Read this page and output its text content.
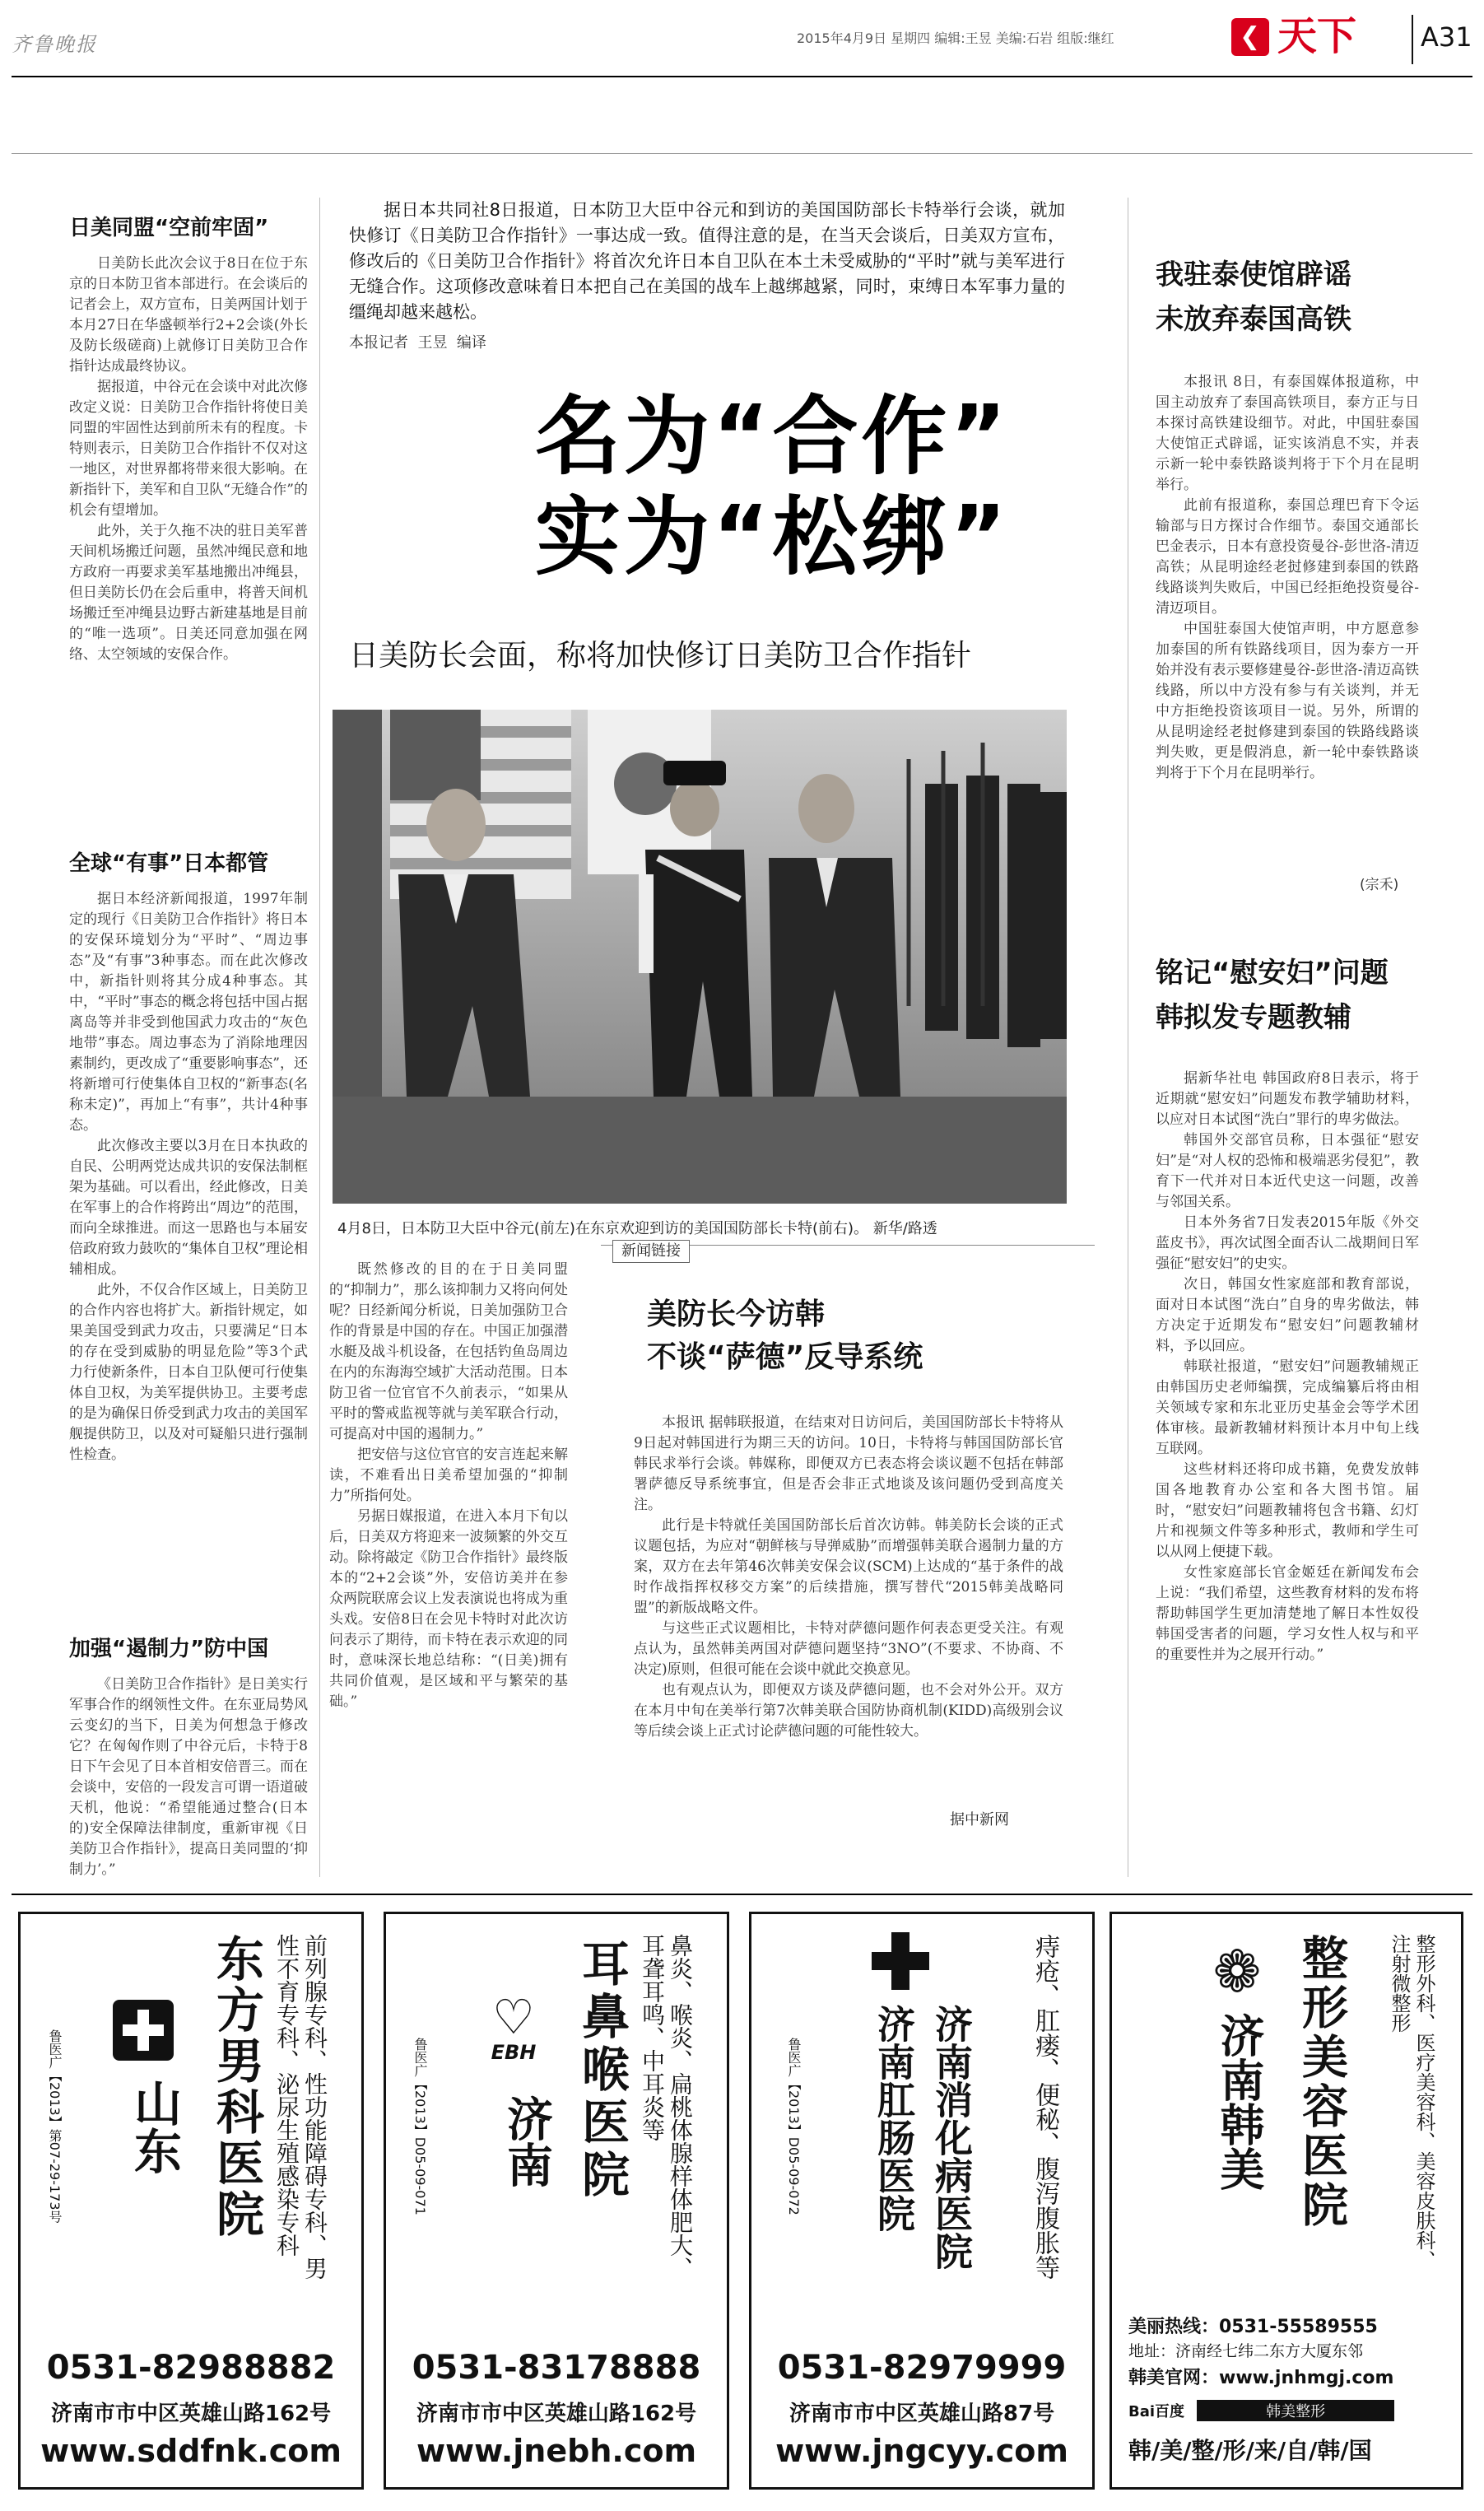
齐鲁晚报	2015年4月9日 星期四 编辑:王昱 美编:石岩 组版:继红	❮ 天下 A31
据日本共同社8日报道，日本防卫大臣中谷元和到访的美国国防部长卡特举行会谈，就加快修订《日美防卫合作指针》一事达成一致。值得注意的是，在当天会谈后，日美双方宣布，修改后的《日美防卫合作指针》将首次允许日本自卫队在本土未受威胁的“平时”就与美军进行无缝合作。这项修改意味着日本把自己在美国的战车上越绑越紧，同时，束缚日本军事力量的缰绳却越来越松。
本报记者  王昱  编译
名为“合作”
实为“松绑”
日美防长会面，称将加快修订日美防卫合作指针
4月8日，日本防卫大臣中谷元(前左)在东京欢迎到访的美国国防部长卡特(前右)。 新华/路透
日美同盟“空前牢固”

日美防长此次会议于8日在位于东京的日本防卫省本部进行。在会谈后的记者会上，双方宣布，日美两国计划于本月27日在华盛顿举行2+2会谈(外长及防长级磋商)上就修订日美防卫合作指针达成最终协议。

据报道，中谷元在会谈中对此次修改定义说：日美防卫合作指针将使日美同盟的牢固性达到前所未有的程度。卡特则表示，日美防卫合作指针不仅对这一地区，对世界都将带来很大影响。在新指针下，美军和自卫队“无缝合作”的机会有望增加。

此外，关于久拖不决的驻日美军普天间机场搬迁问题，虽然冲绳民意和地方政府一再要求美军基地搬出冲绳县，但日美防长仍在会后重申，将普天间机场搬迁至冲绳县边野古新建基地是目前的“唯一选项”。日美还同意加强在网络、太空领域的安保合作。

全球“有事”日本都管

据日本经济新闻报道，1997年制定的现行《日美防卫合作指针》将日本的安保环境划分为“平时”、“周边事态”及“有事”3种事态。而在此次修改中，新指针则将其分成4种事态。其中，“平时”事态的概念将包括中国占据离岛等并非受到他国武力攻击的“灰色地带”事态。周边事态为了消除地理因素制约，更改成了“重要影响事态”，还将新增可行使集体自卫权的“新事态(名称未定)”，再加上“有事”，共计4种事态。

此次修改主要以3月在日本执政的自民、公明两党达成共识的安保法制框架为基础。可以看出，经此修改，日美在军事上的合作将跨出“周边”的范围，而向全球推进。而这一思路也与本届安倍政府致力鼓吹的“集体自卫权”理论相辅相成。

此外，不仅合作区域上，日美防卫的合作内容也将扩大。新指针规定，如果美国受到武力攻击，只要满足“日本的存在受到威胁的明显危险”等3个武力行使新条件，日本自卫队便可行使集体自卫权，为美军提供协卫。主要考虑的是为确保日侨受到武力攻击的美国军舰提供防卫，以及对可疑船只进行强制性检查。

加强“遏制力”防中国

《日美防卫合作指针》是日美实行军事合作的纲领性文件。在东亚局势风云变幻的当下，日美为何想急于修改它？在匈匈作则了中谷元后，卡特于8日下午会见了日本首相安倍晋三。而在会谈中，安倍的一段发言可谓一语道破天机，他说：“希望能通过整合(日本的)安全保障法律制度，重新审视《日美防卫合作指针》，提高日美同盟的‘抑制力’。”

既然修改的目的在于日美同盟的“抑制力”，那么该抑制力又将向何处呢？日经新闻分析说，日美加强防卫合作的背景是中国的存在。中国正加强潜水艇及战斗机设备，在包括钓鱼岛周边在内的东海海空域扩大活动范围。日本防卫省一位官官不久前表示，“如果从平时的警戒监视等就与美军联合行动，可提高对中国的遏制力。”

把安倍与这位官官的安言连起来解读，不难看出日美希望加强的“抑制力”所指何处。

另据日媒报道，在进入本月下旬以后，日美双方将迎来一波频繁的外交互动。除将敲定《防卫合作指针》最终版本的“2+2会谈”外，安倍访美并在参众两院联席会议上发表演说也将成为重头戏。安倍8日在会见卡特时对此次访问表示了期待，而卡特在表示欢迎的同时，意味深长地总结称：“(日美)拥有共同价值观，是区域和平与繁荣的基础。”

新闻链接
美防长今访韩
不谈“萨德”反导系统

本报讯 据韩联报道，在结束对日访问后，美国国防部长卡特将从9日起对韩国进行为期三天的访问。10日，卡特将与韩国国防部长官韩民求举行会谈。韩媒称，即便双方已表态将会谈议题不包括在韩部署萨德反导系统事宜，但是否会非正式地谈及该问题仍受到高度关注。

此行是卡特就任美国国防部长后首次访韩。韩美防长会谈的正式议题包括，为应对“朝鲜核与导弹威胁”而增强韩美联合遏制力量的方案，双方在去年第46次韩美安保会议(SCM)上达成的“基于条件的战时作战指挥权移交方案”的后续措施，撰写替代“2015韩美战略同盟”的新版战略文件。

与这些正式议题相比，卡特对萨德问题作何表态更受关注。有观点认为，虽然韩美两国对萨德问题坚持“3NO”(不要求、不协商、不决定)原则，但很可能在会谈中就此交换意见。

也有观点认为，即便双方谈及萨德问题，也不会对外公开。双方在本月中旬在美举行第7次韩美联合国防协商机制(KIDD)高级别会议等后续会谈上正式讨论萨德问题的可能性较大。

据中新网
我驻泰使馆辟谣
未放弃泰国高铁

本报讯 8日，有泰国媒体报道称，中国主动放弃了泰国高铁项目，泰方正与日本探讨高铁建设细节。对此，中国驻泰国大使馆正式辟谣，证实该消息不实，并表示新一轮中泰铁路谈判将于下个月在昆明举行。

此前有报道称，泰国总理巴育下令运输部与日方探讨合作细节。泰国交通部长巴金表示，日本有意投资曼谷-彭世洛-清迈高铁；从昆明途经老挝修建到泰国的铁路线路谈判失败后，中国已经拒绝投资曼谷-清迈项目。

中国驻泰国大使馆声明，中方愿意参加泰国的所有铁路线项目，因为泰方一开始并没有表示要修建曼谷-彭世洛-清迈高铁线路，所以中方没有参与有关谈判，并无中方拒绝投资该项目一说。另外，所谓的从昆明途经老挝修建到泰国的铁路线路谈判失败，更是假消息，新一轮中泰铁路谈判将于下个月在昆明举行。

(宗禾)
铭记“慰安妇”问题
韩拟发专题教辅

据新华社电 韩国政府8日表示，将于近期就“慰安妇”问题发布教学辅助材料，以应对日本试图“洗白”罪行的卑劣做法。

韩国外交部官员称，日本强征“慰安妇”是“对人权的恐怖和极端恶劣侵犯”，教育下一代并对日本近代史这一问题，改善与邻国关系。

日本外务省7日发表2015年版《外交蓝皮书》，再次试图全面否认二战期间日军强征“慰安妇”的史实。

次日，韩国女性家庭部和教育部说，面对日本试图“洗白”自身的卑劣做法，韩方决定于近期发布“慰安妇”问题教辅材料，予以回应。

韩联社报道，“慰安妇”问题教辅规正由韩国历史老师编撰，完成编纂后将由相关领域专家和东北亚历史基金会等学术团体审核。最新教辅材料预计本月中旬上线互联网。

这些材料还将印成书籍，免费发放韩国各地教育办公室和各大图书馆。届时，“慰安妇”问题教辅将包含书籍、幻灯片和视频文件等多种形式，教师和学生可以从网上便捷下载。

女性家庭部长官金姬廷在新闻发布会上说：“我们希望，这些教育材料的发布将帮助韩国学生更加清楚地了解日本性奴役韩国受害者的问题，学习女性人权与和平的重要性并为之展开行动。”

前列腺专科、性功能障碍专科、男性不育专科、泌尿生殖感染专科
东方男科医院
山东
鲁医广【2013】第07-29-173号
0531-82988882
济南市市中区英雄山路162号
www.sddfnk.com
鼻炎、喉炎、扁桃体腺样体肥大、耳聋耳鸣、中耳炎等
耳鼻喉医院
♡
EBH
济南
鲁医广【2013】D05-09-071
0531-83178888
济南市市中区英雄山路162号
www.jnebh.com
痔疮、肛瘘、便秘、腹泻腹胀等
济南消化病医院
济南肛肠医院
鲁医广【2013】D05-09-072
0531-82979999
济南市市中区英雄山路87号
www.jngcyy.com
整形外科、医疗美容科、美容皮肤科、注射微整形
整形美容医院
❁
济南韩美
美丽热线：0531-55589555
地址：济南经七纬二东方大厦东邻
韩美官网：www.jnhmgj.com
Bai百度	韩美整形
韩/美/整/形/来/自/韩/国
